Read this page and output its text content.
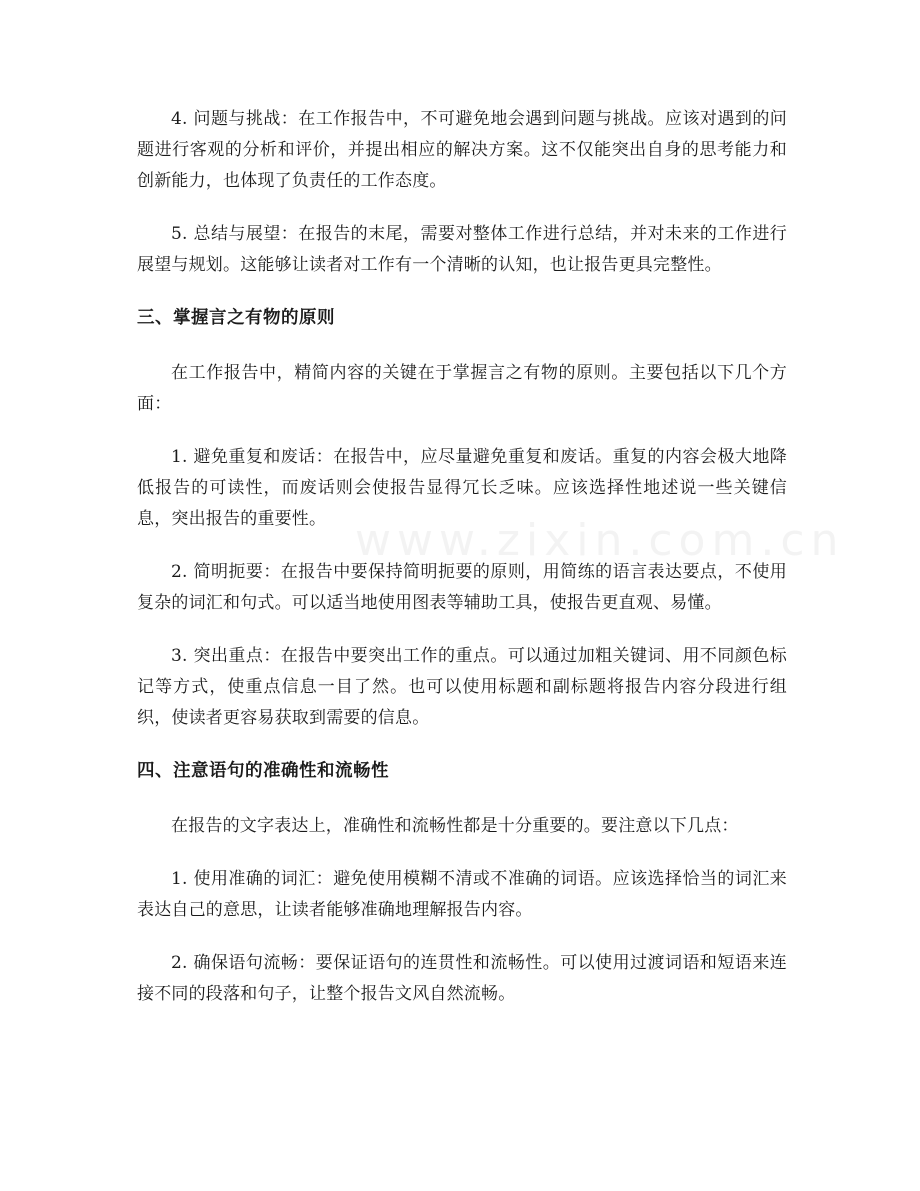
www.zixin.com.cn

4. 问题与挑战：在工作报告中，不可避免地会遇到问题与挑战。应该对遇到的问题进行客观的分析和评价，并提出相应的解决方案。这不仅能突出自身的思考能力和创新能力，也体现了负责任的工作态度。

5. 总结与展望：在报告的末尾，需要对整体工作进行总结，并对未来的工作进行展望与规划。这能够让读者对工作有一个清晰的认知，也让报告更具完整性。

三、掌握言之有物的原则

在工作报告中，精简内容的关键在于掌握言之有物的原则。主要包括以下几个方面：

1. 避免重复和废话：在报告中，应尽量避免重复和废话。重复的内容会极大地降低报告的可读性，而废话则会使报告显得冗长乏味。应该选择性地述说一些关键信息，突出报告的重要性。

2. 简明扼要：在报告中要保持简明扼要的原则，用简练的语言表达要点，不使用复杂的词汇和句式。可以适当地使用图表等辅助工具，使报告更直观、易懂。

3. 突出重点：在报告中要突出工作的重点。可以通过加粗关键词、用不同颜色标记等方式，使重点信息一目了然。也可以使用标题和副标题将报告内容分段进行组织，使读者更容易获取到需要的信息。

四、注意语句的准确性和流畅性

在报告的文字表达上，准确性和流畅性都是十分重要的。要注意以下几点：

1. 使用准确的词汇：避免使用模糊不清或不准确的词语。应该选择恰当的词汇来表达自己的意思，让读者能够准确地理解报告内容。

2. 确保语句流畅：要保证语句的连贯性和流畅性。可以使用过渡词语和短语来连接不同的段落和句子，让整个报告文风自然流畅。
